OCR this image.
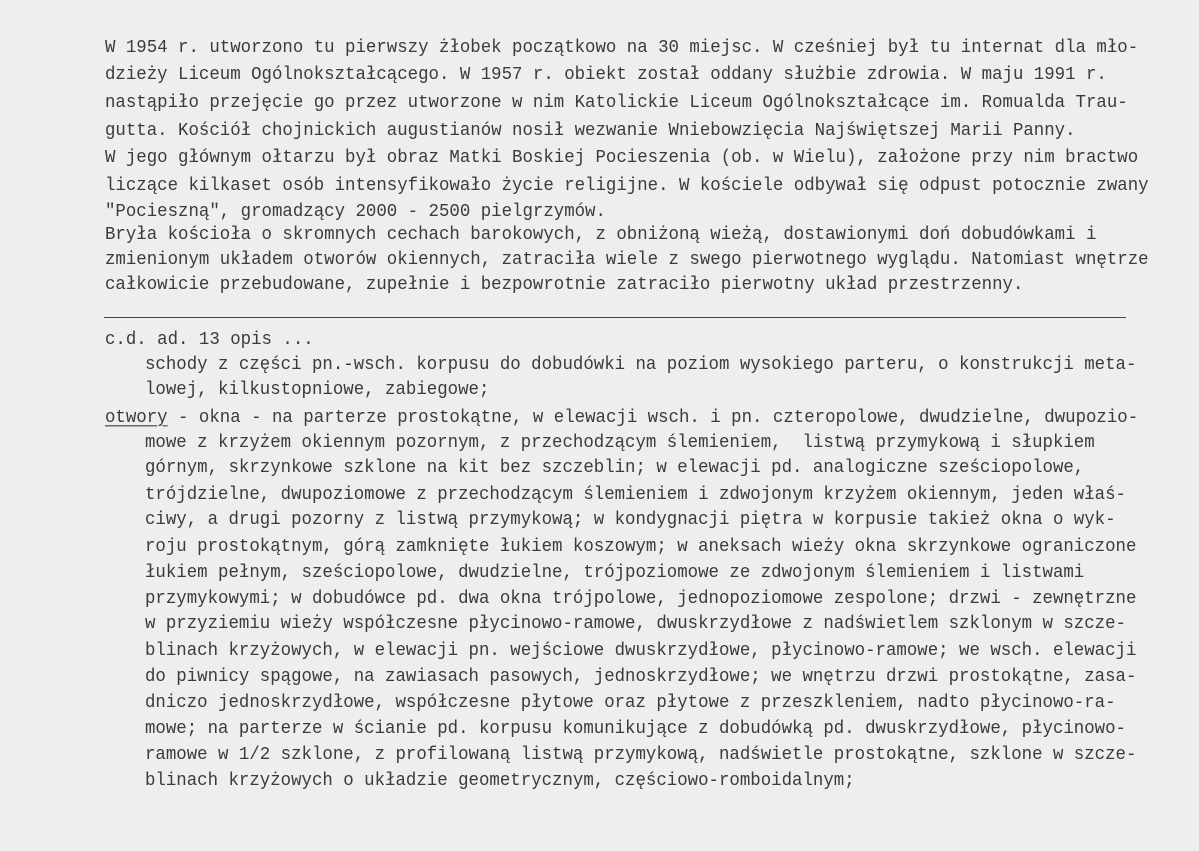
W 1954 r. utworzono tu pierwszy żłobek początkowo na 30 miejsc. W cześniej był tu internat dla mło-
dzieży Liceum Ogólnokształcącego. W 1957 r. obiekt został oddany służbie zdrowia. W maju 1991 r.
nastąpiło przejęcie go przez utworzone w nim Katolickie Liceum Ogólnokształcące im. Romualda Trau-
gutta. Kościół chojnickich augustianów nosił wezwanie Wniebowzięcia Najświętszej Marii Panny.
W jego głównym ołtarzu był obraz Matki Boskiej Pocieszenia (ob. w Wielu), założone przy nim bractwo
liczące kilkaset osób intensyfikowało życie religijne. W kościele odbywał się odpust potocznie zwany
"Pocieszną", gromadzący 2000 - 2500 pielgrzymów.
Bryła kościoła o skromnych cechach barokowych, z obniżoną wieżą, dostawionymi doń dobudówkami i
zmienionym układem otworów okiennych, zatraciła wiele z swego pierwotnego wyglądu. Natomiast wnętrze
całkowicie przebudowane, zupełnie i bezpowrotnie zatraciło pierwotny układ przestrzenny.
c.d. ad. 13 opis ...
schody z części pn.-wsch. korpusu do dobudówki na poziom wysokiego parteru, o konstrukcji meta-
lowej, kilkustopniowe, zabiegowe;
otwory - okna - na parterze prostokątne, w elewacji wsch. i pn. czteropolowe, dwudzielne, dwupozio-
mowe z krzyżem okiennym pozornym, z przechodzącym ślemieniem,  listwą przymykową i słupkiem
górnym, skrzynkowe szklone na kit bez szczeblin; w elewacji pd. analogiczne sześciopolowe,
trójdzielne, dwupoziomowe z przechodzącym ślemieniem i zdwojonym krzyżem okiennym, jeden właś-
ciwy, a drugi pozorny z listwą przymykową; w kondygnacji piętra w korpusie takież okna o wyk-
roju prostokątnym, górą zamknięte łukiem koszowym; w aneksach wieży okna skrzynkowe ograniczone
łukiem pełnym, sześciopolowe, dwudzielne, trójpoziomowe ze zdwojonym ślemieniem i listwami
przymykowymi; w dobudówce pd. dwa okna trójpolowe, jednopoziomowe zespolone; drzwi - zewnętrzne
w przyziemiu wieży współczesne płycinowo-ramowe, dwuskrzydłowe z nadświetlem szklonym w szcze-
blinach krzyżowych, w elewacji pn. wejściowe dwuskrzydłowe, płycinowo-ramowe; we wsch. elewacji
do piwnicy spągowe, na zawiasach pasowych, jednoskrzydłowe; we wnętrzu drzwi prostokątne, zasa-
dniczo jednoskrzydłowe, współczesne płytowe oraz płytowe z przeszkleniem, nadto płycinowo-ra-
mowe; na parterze w ścianie pd. korpusu komunikujące z dobudówką pd. dwuskrzydłowe, płycinowo-
ramowe w 1/2 szklone, z profilowaną listwą przymykową, nadświetle prostokątne, szklone w szcze-
blinach krzyżowych o układzie geometrycznym, częściowo-romboidalnym;
